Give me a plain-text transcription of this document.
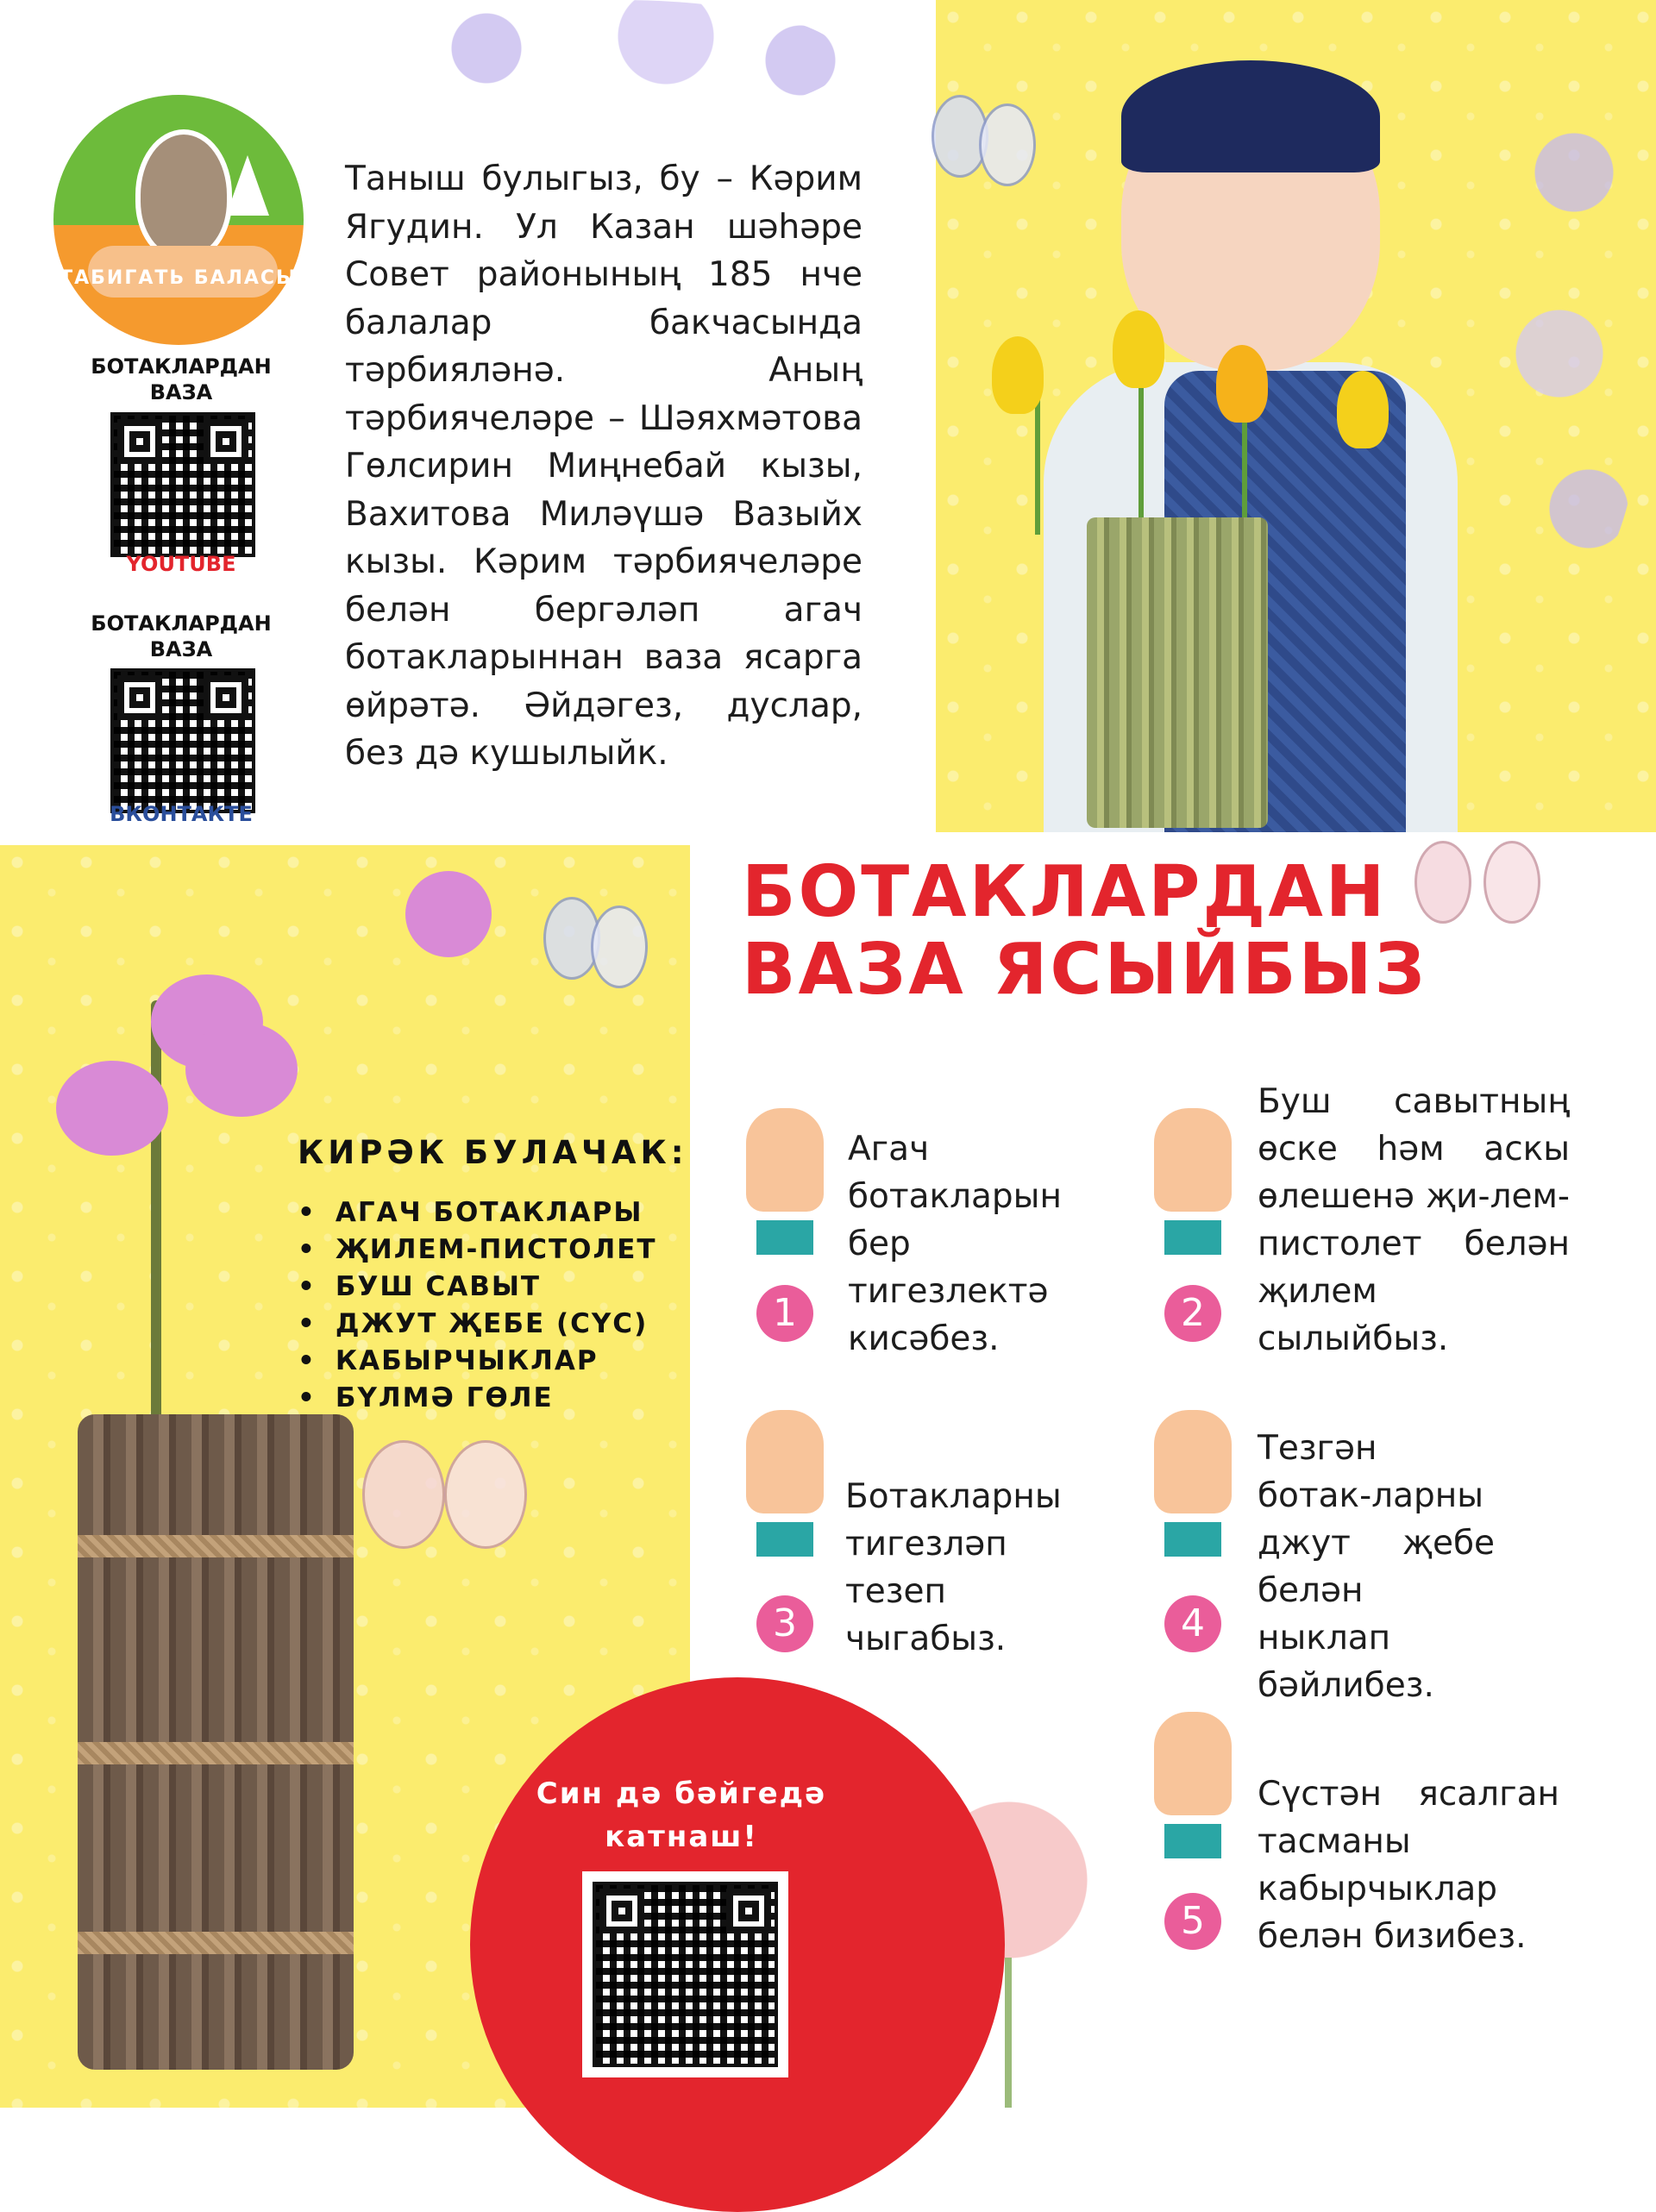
ТАБИГАТЬ БАЛАСЫ
БОТАКЛАРДАН
ВАЗА
YOUTUBE
БОТАКЛАРДАН
ВАЗА
ВКОНТАКТЕ
Таныш булыгыз, бу – Кәрим Ягудин. Ул Казан шәһәре Совет районының 185 нче балалар бакчасында тәрбияләнә. Аның тәрбиячеләре – Шәяхмәтова Гөлсирин Миңнебай кызы, Вахитова Миләүшә Вазыйх кызы. Кәрим тәрбиячеләре белән бергәләп агач ботакларыннан ваза ясарга өйрәтә. Әйдәгез, дуслар, без дә кушылыйк.
БОТАКЛАРДАН
ВАЗА ЯСЫЙБЫЗ
КИРӘК БУЛАЧАК:
• АГАЧ БОТАКЛАРЫ
• ҖИЛЕМ-ПИСТОЛЕТ
• БУШ САВЫТ
• ДЖУТ ҖЕБЕ (СҮС)
• КАБЫРЧЫКЛАР
• БҮЛМӘ ГӨЛЕ
1
Агач ботакларын бер тигезлектә кисәбез.
2
Буш савытның өске һәм аскы өлешенә җи-лем-пистолет белән җилем сылыйбыз.
3
Ботакларны тигезләп тезеп чыгабыз.	4
Тезгән ботак-ларны джут җебе белән ныклап бәйлибез.
5
Сүстән ясалган тасманы кабырчыклар белән бизибез.
Син дә бәйгедә катнаш!
